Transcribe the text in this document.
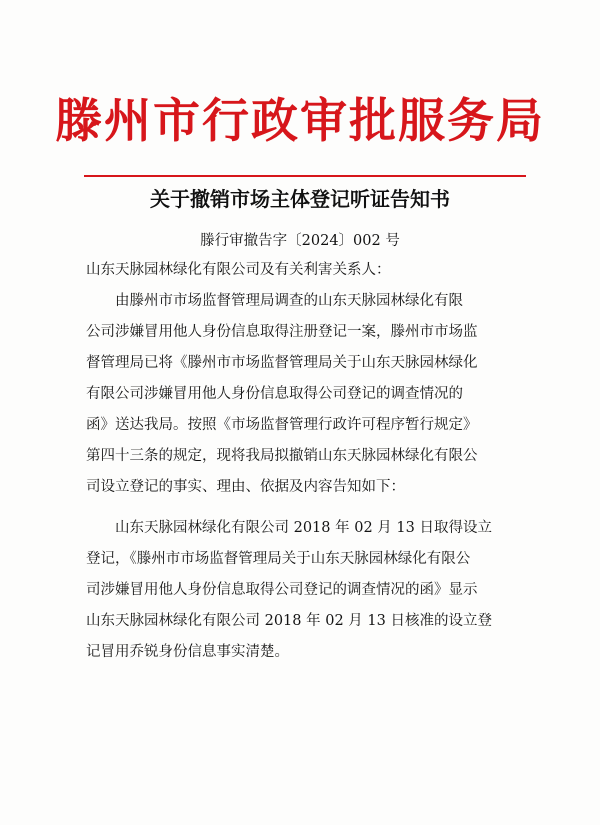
滕州市行政审批服务局
关于撤销市场主体登记听证告知书
滕行审撤告字〔2024〕002 号
山东天脉园林绿化有限公司及有关利害关系人：
由滕州市市场监督管理局调查的山东天脉园林绿化有限
公司涉嫌冒用他人身份信息取得注册登记一案，滕州市市场监
督管理局已将《滕州市市场监督管理局关于山东天脉园林绿化
有限公司涉嫌冒用他人身份信息取得公司登记的调查情况的
函》送达我局。按照《市场监督管理行政许可程序暂行规定》
第四十三条的规定，现将我局拟撤销山东天脉园林绿化有限公
司设立登记的事实、理由、依据及内容告知如下：
山东天脉园林绿化有限公司 2018 年 02 月 13 日取得设立
登记，《滕州市市场监督管理局关于山东天脉园林绿化有限公
司涉嫌冒用他人身份信息取得公司登记的调查情况的函》显示
山东天脉园林绿化有限公司 2018 年 02 月 13 日核准的设立登
记冒用乔锐身份信息事实清楚。
